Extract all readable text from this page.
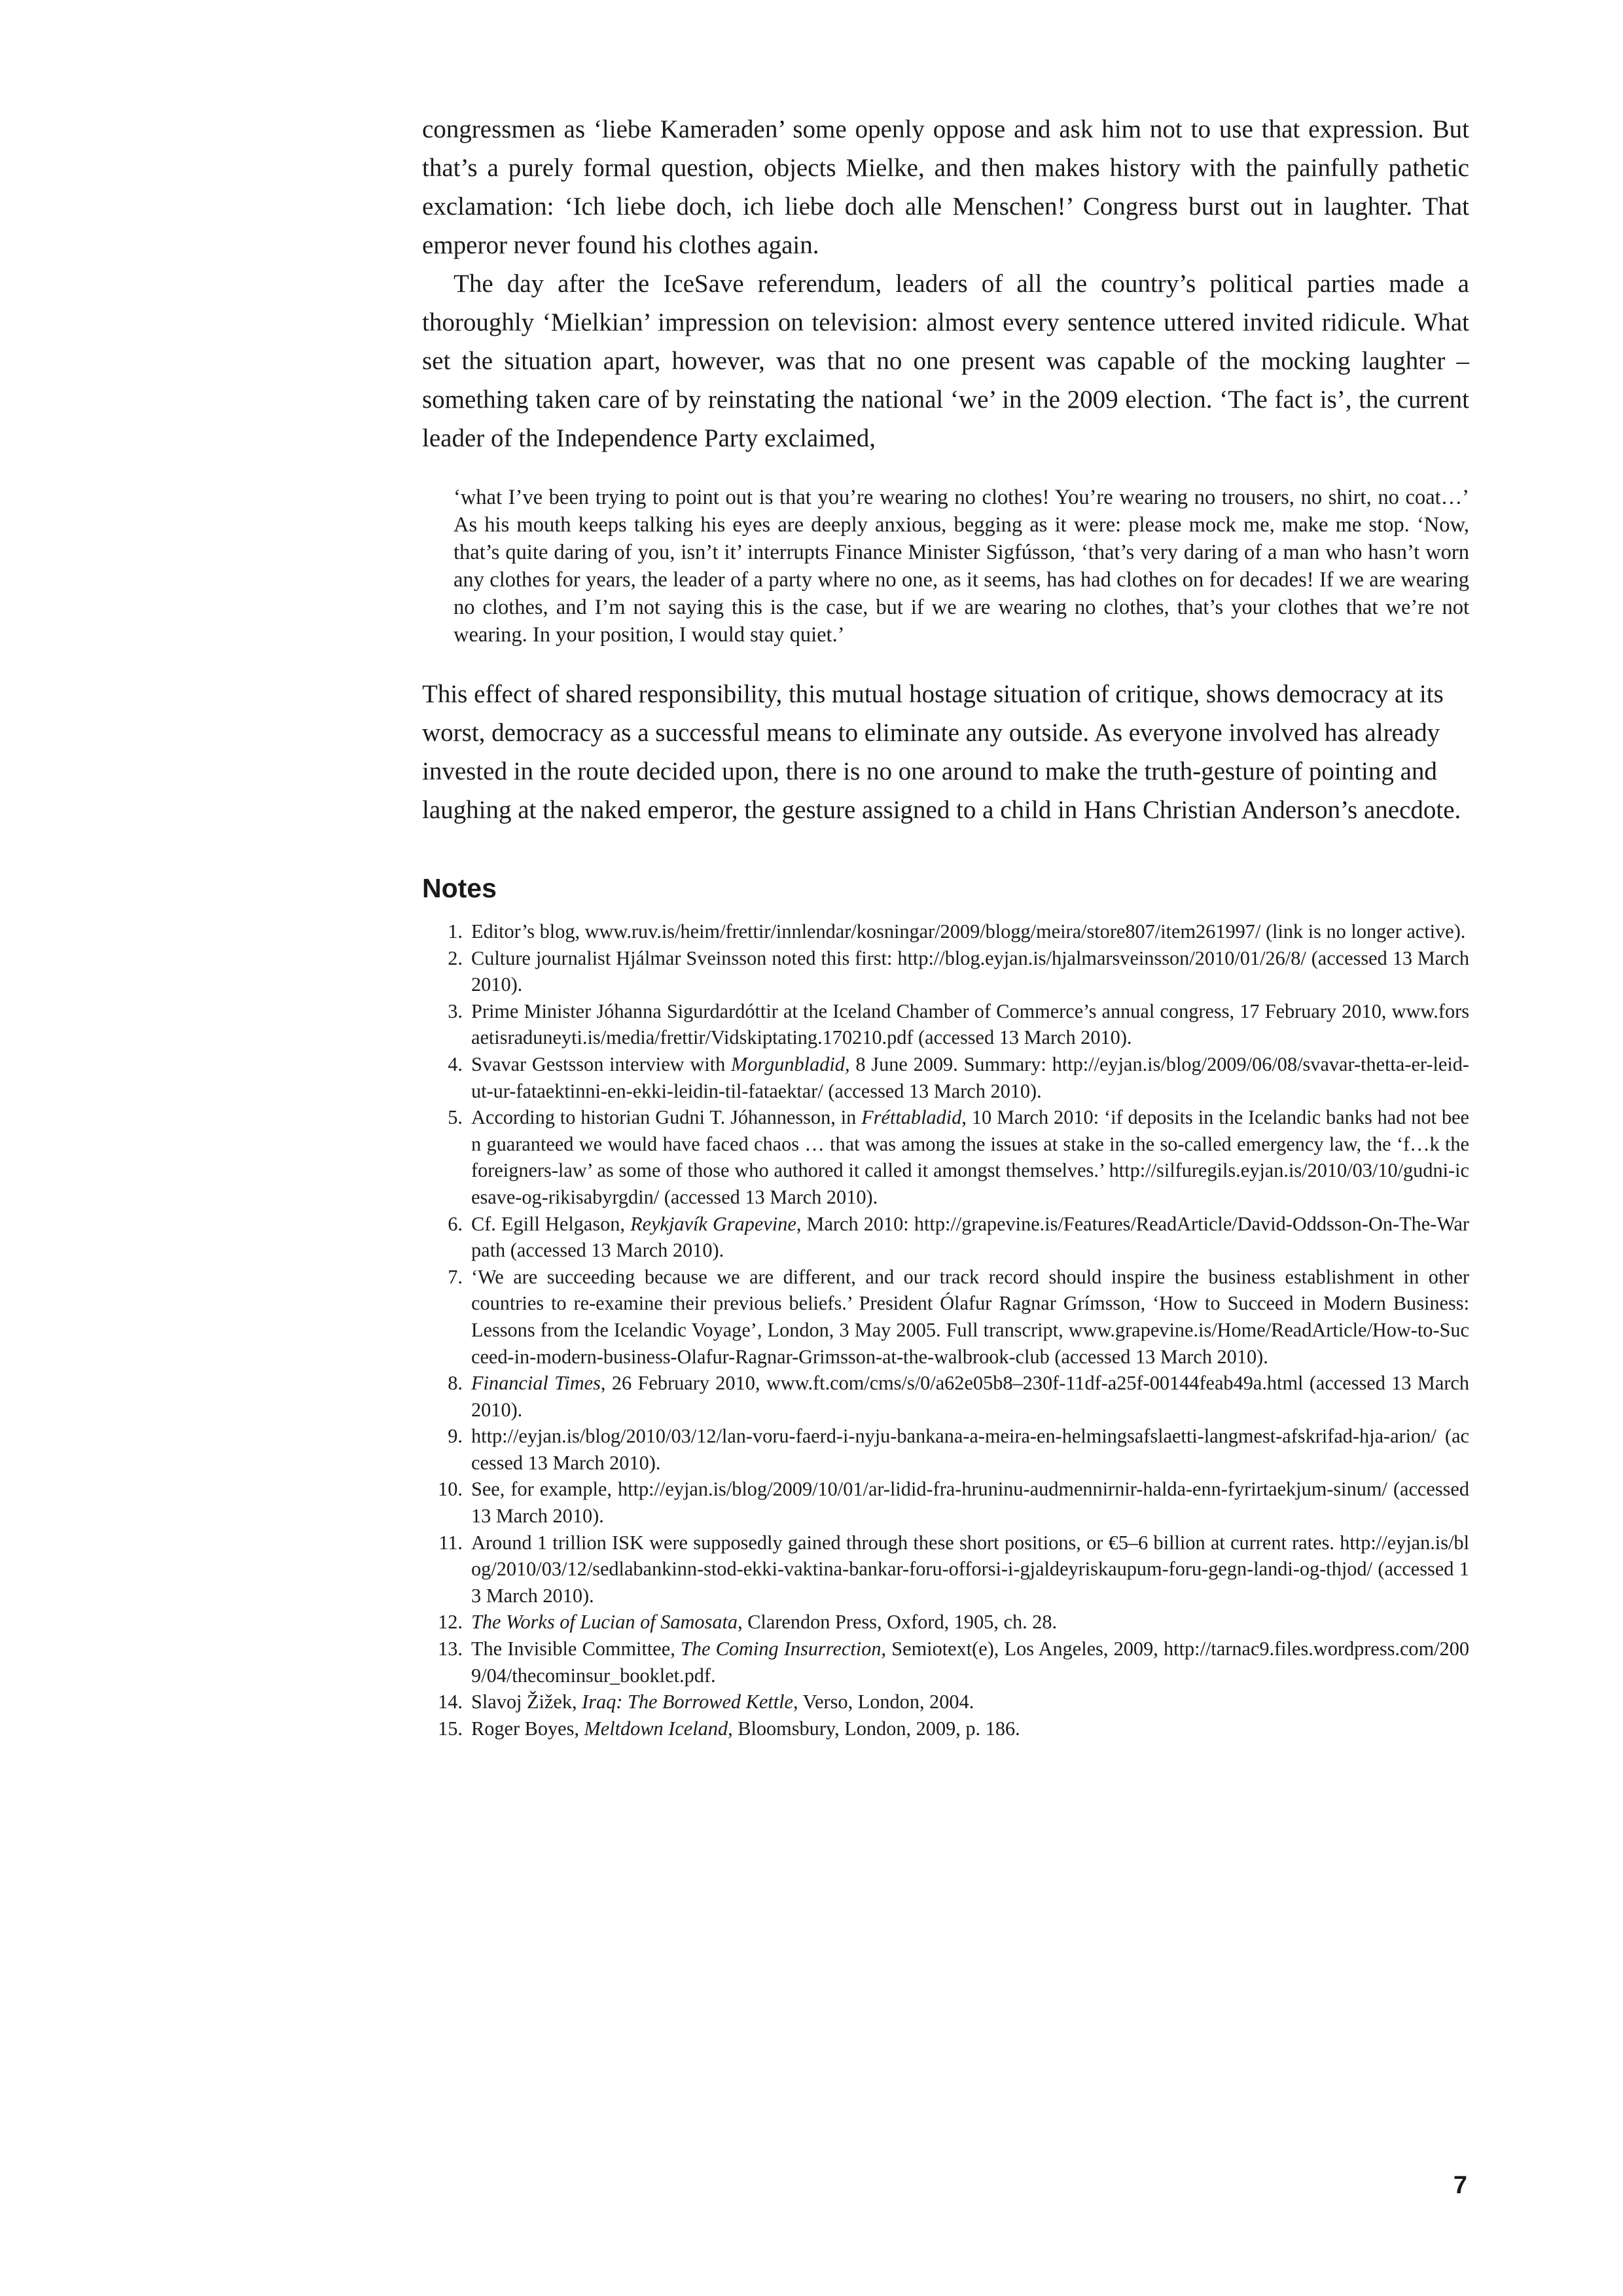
congressmen as ‘liebe Kameraden’ some openly oppose and ask him not to use that expression. But that’s a purely formal question, objects Mielke, and then makes history with the painfully pathetic exclamation: ‘Ich liebe doch, ich liebe doch alle Menschen!’ Congress burst out in laughter. That emperor never found his clothes again.

The day after the IceSave referendum, leaders of all the country’s political parties made a thoroughly ‘Mielkian’ impression on television: almost every sentence uttered invited ridicule. What set the situation apart, however, was that no one present was capable of the mocking laughter – something taken care of by reinstating the national ‘we’ in the 2009 election. ‘The fact is’, the current leader of the Independence Party exclaimed,

‘what I’ve been trying to point out is that you’re wearing no clothes! You’re wearing no trousers, no shirt, no coat…’ As his mouth keeps talking his eyes are deeply anxious, begging as it were: please mock me, make me stop. ‘Now, that’s quite daring of you, isn’t it’ interrupts Finance Minister Sigfússon, ‘that’s very daring of a man who hasn’t worn any clothes for years, the leader of a party where no one, as it seems, has had clothes on for decades! If we are wearing no clothes, and I’m not saying this is the case, but if we are wearing no clothes, that’s your clothes that we’re not wearing. In your position, I would stay quiet.’

This effect of shared responsibility, this mutual hostage situation of critique, shows democracy at its worst, democracy as a successful means to eliminate any outside. As everyone involved has already invested in the route decided upon, there is no one around to make the truth-gesture of pointing and laughing at the naked emperor, the gesture assigned to a child in Hans Christian Anderson’s anecdote.

Notes
1. Editor’s blog, www.ruv.is/heim/frettir/innlendar/kosningar/2009/blogg/meira/store807/item261997/ (link is no longer active).
2. Culture journalist Hjálmar Sveinsson noted this first: http://blog.eyjan.is/hjalmarsveinsson/2010/01/26/8/ (accessed 13 March 2010).
3. Prime Minister Jóhanna Sigurdardóttir at the Iceland Chamber of Commerce’s annual congress, 17 February 2010, www.forsaetisraduneyti.is/media/frettir/Vidskiptating.170210.pdf (accessed 13 March 2010).
4. Svavar Gestsson interview with Morgunbladid, 8 June 2009. Summary: http://eyjan.is/blog/2009/06/08/svavar-thetta-er-leid-ut-ur-fataektinni-en-ekki-leidin-til-fataektar/ (accessed 13 March 2010).
5. According to historian Gudni T. Jóhannesson, in Fréttabladid, 10 March 2010: ‘if deposits in the Icelandic banks had not been guaranteed we would have faced chaos … that was among the issues at stake in the so-called emergency law, the ‘f…k the foreigners-law’ as some of those who authored it called it amongst themselves.’ http://silfuregils.eyjan.is/2010/03/10/gudni-icesave-og-rikisabyrgdin/ (accessed 13 March 2010).
6. Cf. Egill Helgason, Reykjavík Grapevine, March 2010: http://grapevine.is/Features/ReadArticle/David-Oddsson-On-The-Warpath (accessed 13 March 2010).
7. ‘We are succeeding because we are different, and our track record should inspire the business establishment in other countries to re-examine their previous beliefs.’ President Ólafur Ragnar Grímsson, ‘How to Succeed in Modern Business: Lessons from the Icelandic Voyage’, London, 3 May 2005. Full transcript, www.grapevine.is/Home/ReadArticle/How-to-Succeed-in-modern-business-Olafur-Ragnar-Grimsson-at-the-walbrook-club (accessed 13 March 2010).
8. Financial Times, 26 February 2010, www.ft.com/cms/s/0/a62e05b8–230f-11df-a25f-00144feab49a.html (accessed 13 March 2010).
9. http://eyjan.is/blog/2010/03/12/lan-voru-faerd-i-nyju-bankana-a-meira-en-helmingsafslaetti-langmest-afskrifad-hja-arion/ (accessed 13 March 2010).
10. See, for example, http://eyjan.is/blog/2009/10/01/ar-lidid-fra-hruninu-audmennirnir-halda-enn-fyrirtaekjum-sinum/ (accessed 13 March 2010).
11. Around 1 trillion ISK were supposedly gained through these short positions, or €5–6 billion at current rates. http://eyjan.is/blog/2010/03/12/sedlabankinn-stod-ekki-vaktina-bankar-foru-offorsi-i-gjaldeyriskaupum-foru-gegn-landi-og-thjod/ (accessed 13 March 2010).
12. The Works of Lucian of Samosata, Clarendon Press, Oxford, 1905, ch. 28.
13. The Invisible Committee, The Coming Insurrection, Semiotext(e), Los Angeles, 2009, http://tarnac9.files.wordpress.com/2009/04/thecominsur_booklet.pdf.
14. Slavoj Žižek, Iraq: The Borrowed Kettle, Verso, London, 2004.
15. Roger Boyes, Meltdown Iceland, Bloomsbury, London, 2009, p. 186.
7
